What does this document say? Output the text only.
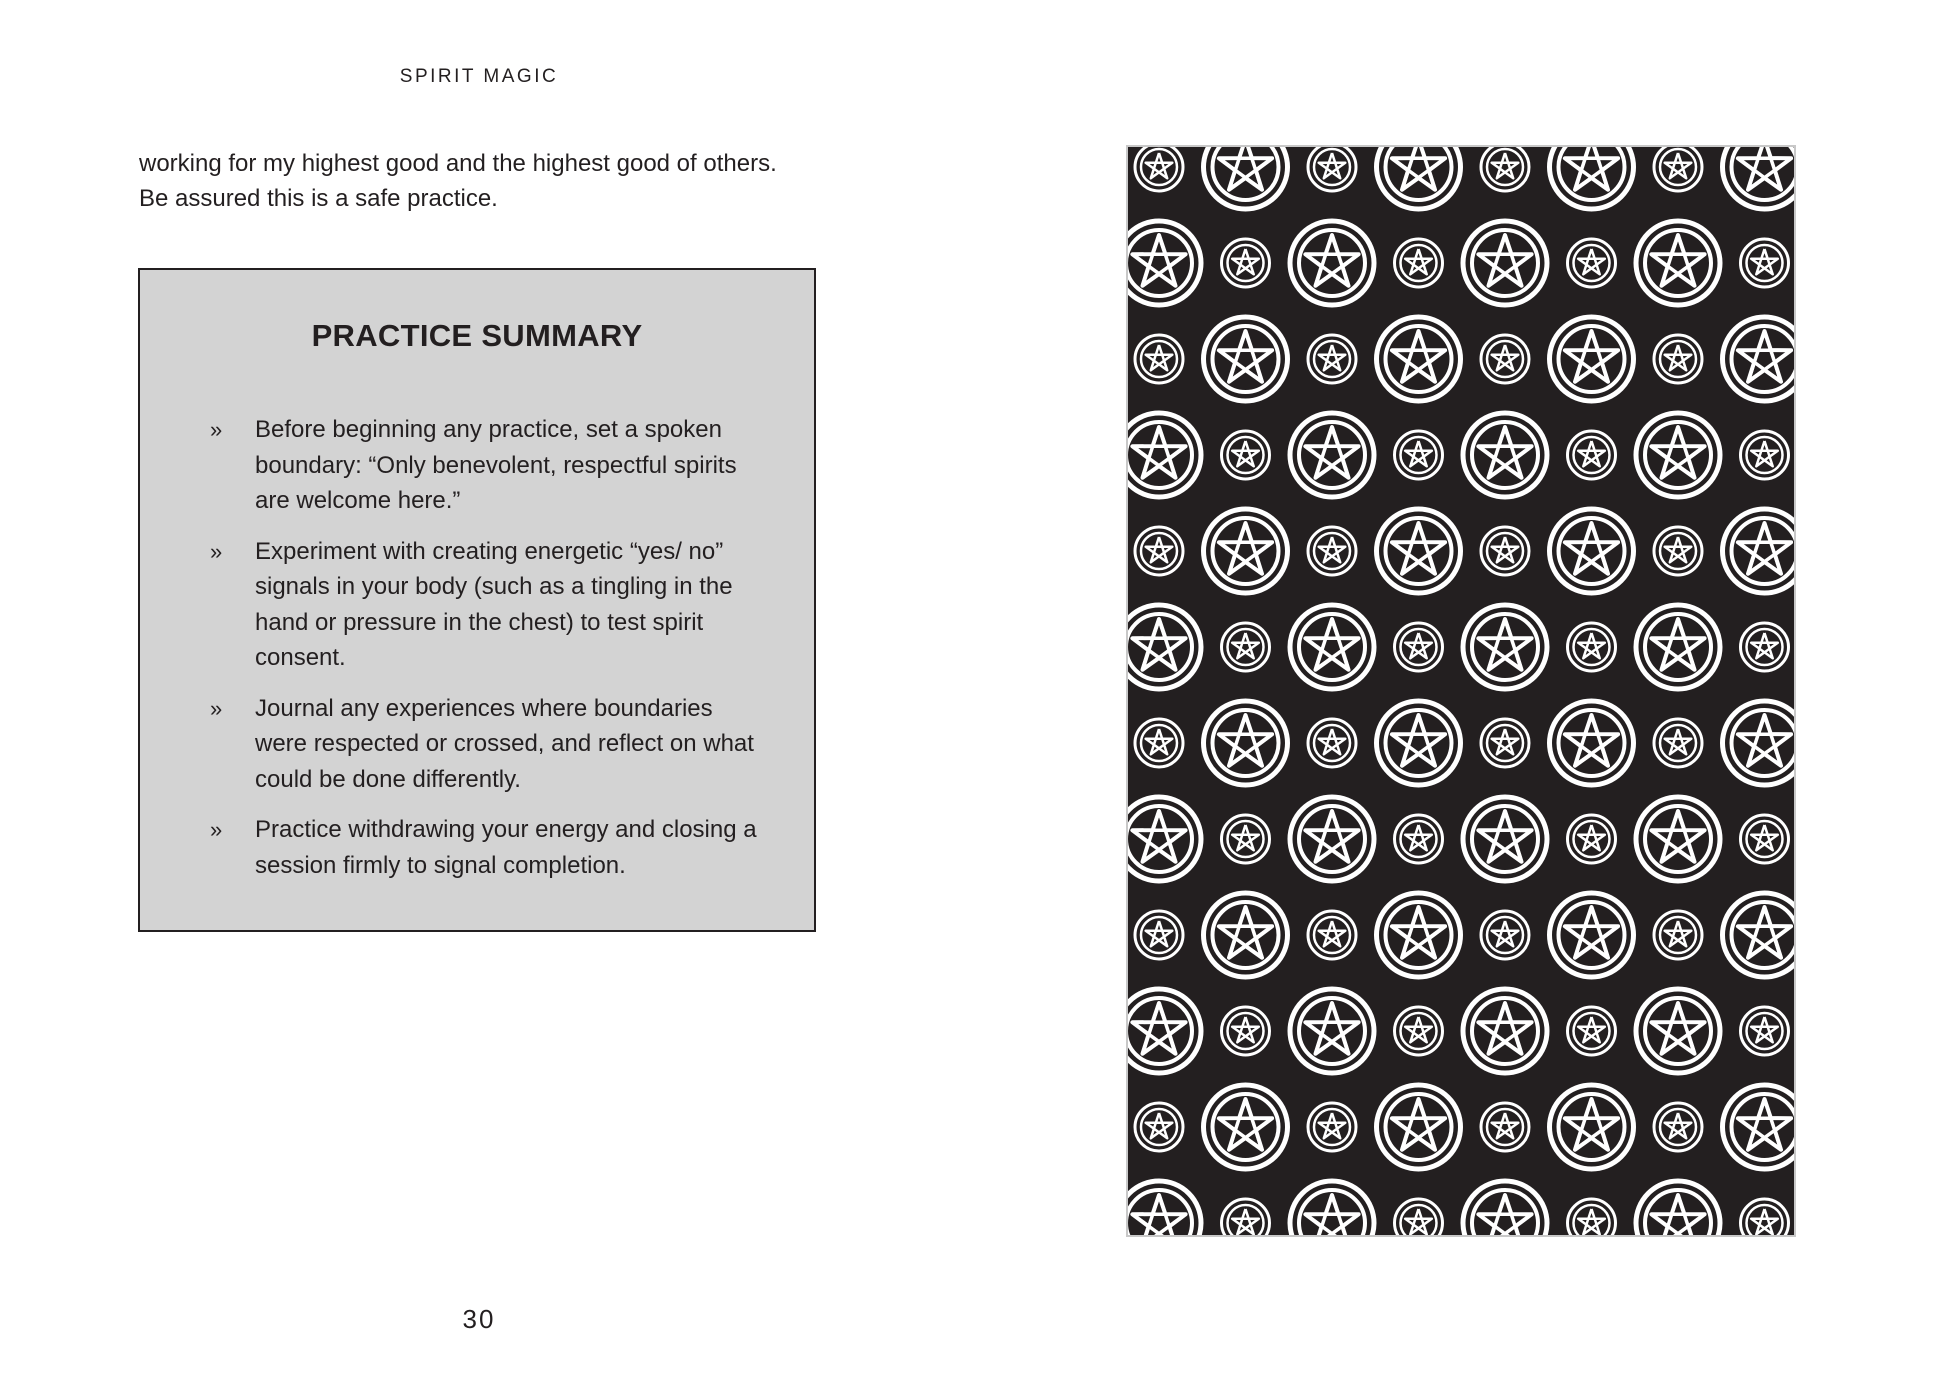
SPIRIT MAGIC

working for my highest good and the highest good of others.

Be assured this is a safe practice.

PRACTICE SUMMARY
» Before beginning any practice, set a spoken boundary: “Only benevolent, respectful spirits are welcome here.”
» Experiment with creating energetic “yes/ no” signals in your body (such as a tingling in the hand or pressure in the chest) to test spirit consent.
» Journal any experiences where boundaries were respected or crossed, and reflect on what could be done differently.
» Practice withdrawing your energy and closing a session firmly to signal completion.
30
